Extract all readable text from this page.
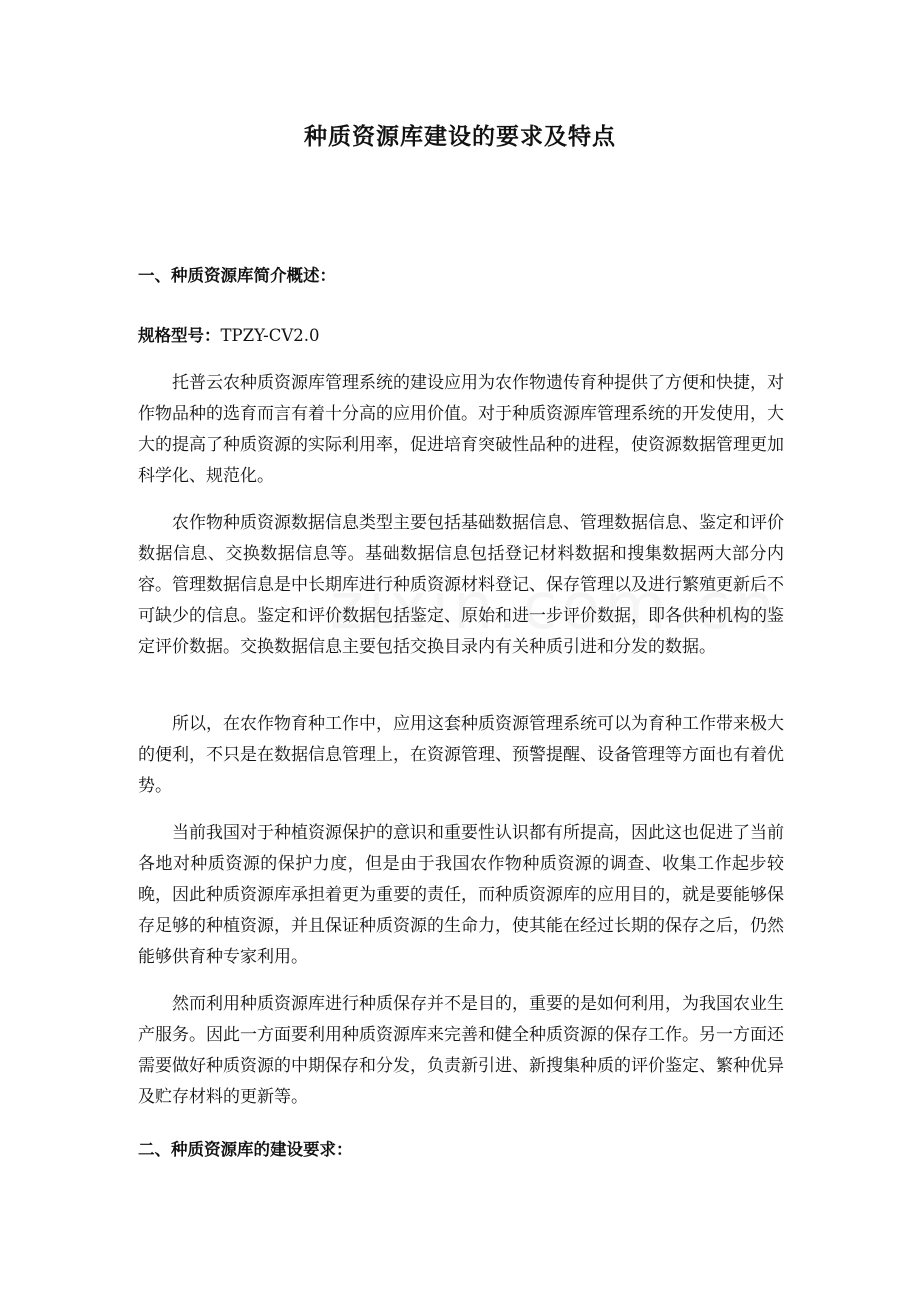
种质资源库建设的要求及特点
一、种质资源库简介概述：
规格型号：TPZY-CV2.0

托普云农种质资源库管理系统的建设应用为农作物遗传育种提供了方便和快捷，对作物品种的选育而言有着十分高的应用价值。对于种质资源库管理系统的开发使用，大大的提高了种质资源的实际利用率，促进培育突破性品种的进程，使资源数据管理更加科学化、规范化。

农作物种质资源数据信息类型主要包括基础数据信息、管理数据信息、鉴定和评价数据信息、交换数据信息等。基础数据信息包括登记材料数据和搜集数据两大部分内容。管理数据信息是中长期库进行种质资源材料登记、保存管理以及进行繁殖更新后不可缺少的信息。鉴定和评价数据包括鉴定、原始和进一步评价数据，即各供种机构的鉴定评价数据。交换数据信息主要包括交换目录内有关种质引进和分发的数据。

所以，在农作物育种工作中，应用这套种质资源管理系统可以为育种工作带来极大的便利，不只是在数据信息管理上，在资源管理、预警提醒、设备管理等方面也有着优势。

当前我国对于种植资源保护的意识和重要性认识都有所提高，因此这也促进了当前各地对种质资源的保护力度，但是由于我国农作物种质资源的调查、收集工作起步较晚，因此种质资源库承担着更为重要的责任，而种质资源库的应用目的，就是要能够保存足够的种植资源，并且保证种质资源的生命力，使其能在经过长期的保存之后，仍然能够供育种专家利用。

然而利用种质资源库进行种质保存并不是目的，重要的是如何利用，为我国农业生产服务。因此一方面要利用种质资源库来完善和健全种质资源的保存工作。另一方面还需要做好种质资源的中期保存和分发，负责新引进、新搜集种质的评价鉴定、繁种优异及贮存材料的更新等。

二、种质资源库的建设要求：
